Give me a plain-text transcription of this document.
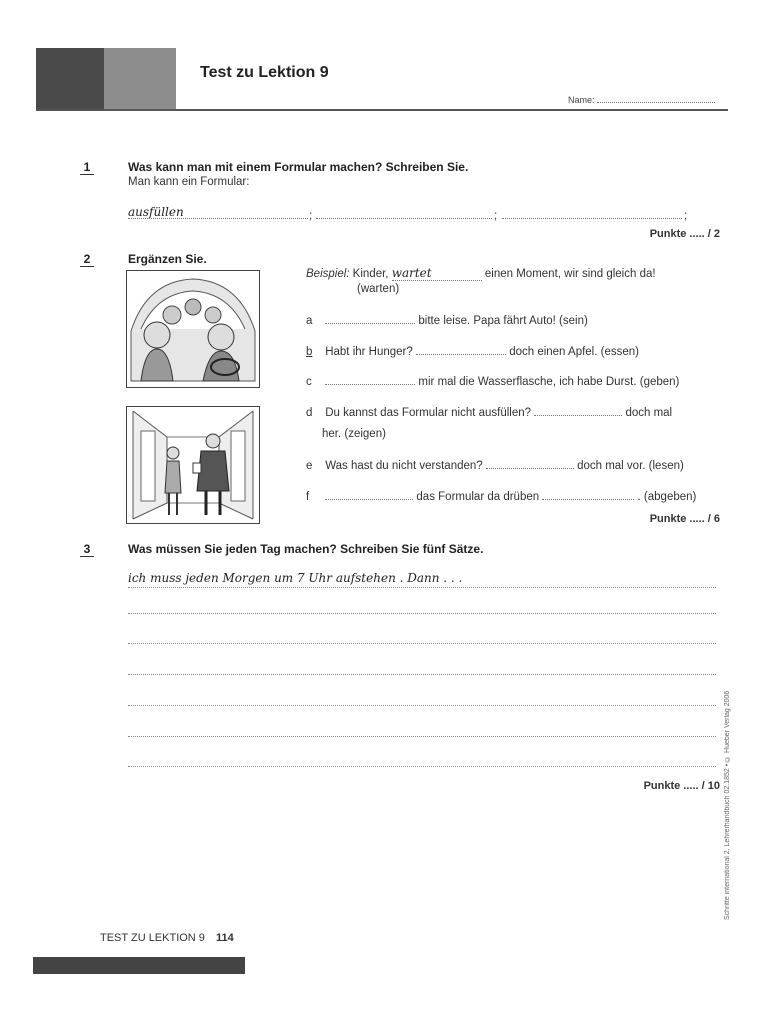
Test zu Lektion 9
Name:
1	Was kann man mit einem Formular machen? Schreiben Sie.
Man kann ein Formular:
ausfüllen	;	;	;
Punkte ..... / 2
2	Ergänzen Sie.
Beispiel: Kinder, wartet	einen Moment, wir sind gleich da!
(warten)
a	bitte leise. Papa fährt Auto! (sein)
b Habt ihr Hunger?	doch einen Apfel. (essen)
c	mir mal die Wasserflasche, ich habe Durst. (geben)
d Du kannst das Formular nicht ausfüllen?	doch mal
her. (zeigen)
e Was hast du nicht verstanden?	doch mal vor. (lesen)
f	das Formular da drüben	. (abgeben)
Punkte ..... / 6
3	Was müssen Sie jeden Tag machen? Schreiben Sie fünf Sätze.
ich muss jeden Morgen um 7 Uhr aufstehen . Dann . . .
Punkte ..... / 10 Schritte international 2, Lehrerhandbuch 02.1852 • © Hueber Verlag 2006
TEST ZU LEKTION 9 114
